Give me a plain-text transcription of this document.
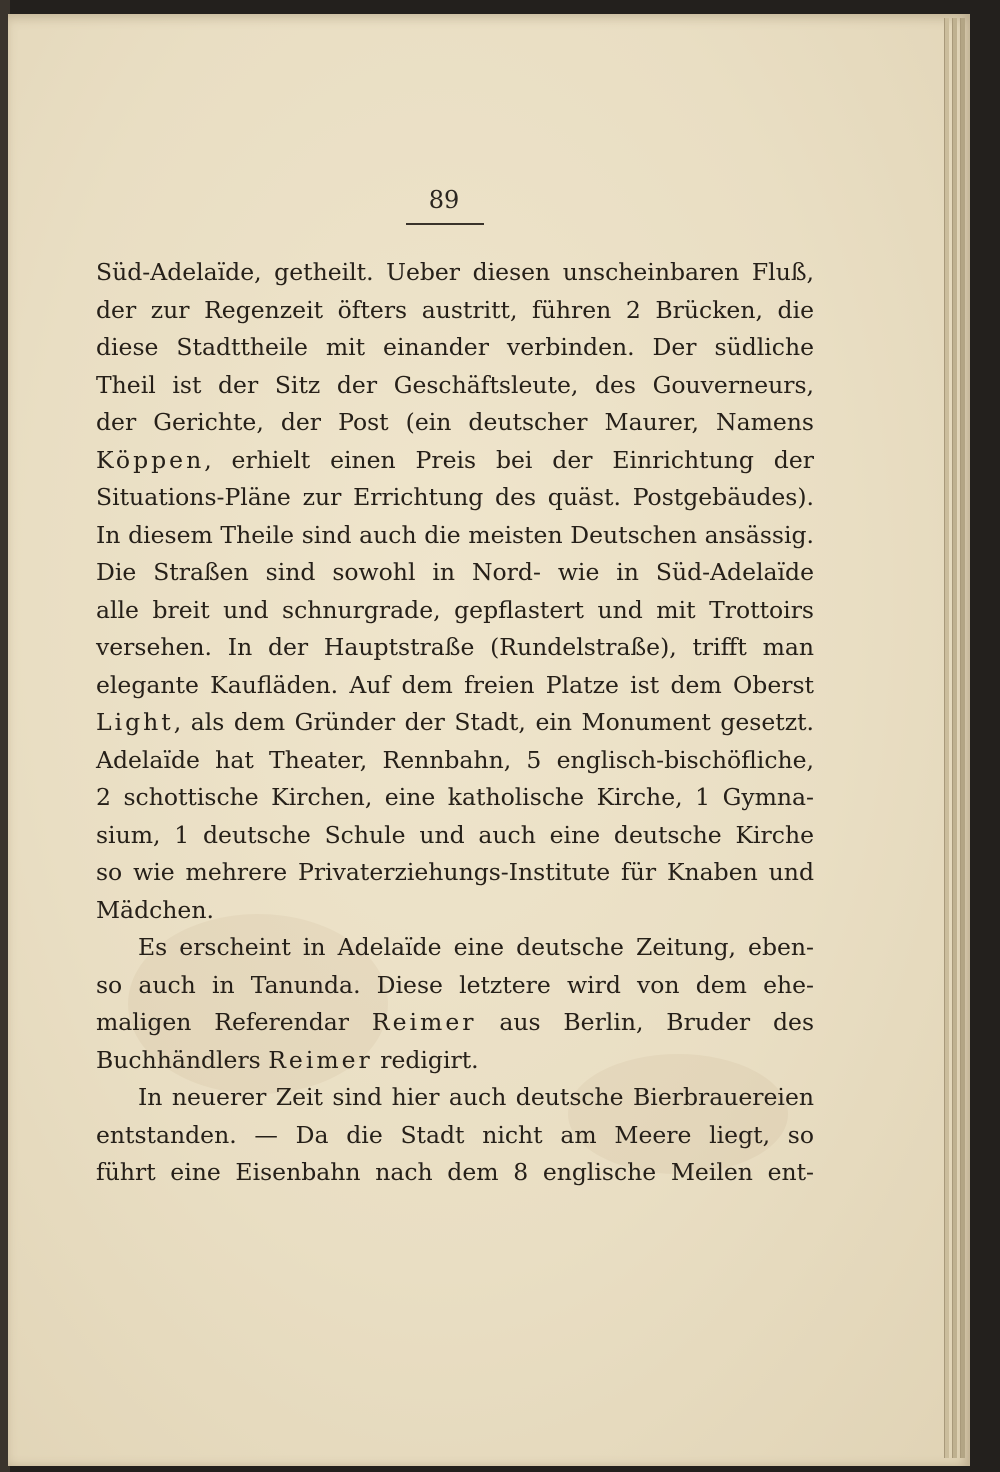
89
Süd-Adelaïde, getheilt. Ueber diesen unscheinbaren Fluß,
der zur Regenzeit öfters austritt, führen 2 Brücken, die
diese Stadttheile mit einander verbinden. Der südliche
Theil ist der Sitz der Geschäftsleute, des Gouverneurs,
der Gerichte, der Post (ein deutscher Maurer, Namens
Köppen, erhielt einen Preis bei der Einrichtung der
Situations-Pläne zur Errichtung des quäst. Postgebäudes).
In diesem Theile sind auch die meisten Deutschen ansässig.
Die Straßen sind sowohl in Nord- wie in Süd-Adelaïde
alle breit und schnurgrade, gepflastert und mit Trottoirs
versehen. In der Hauptstraße (Rundelstraße), trifft man
elegante Kaufläden. Auf dem freien Platze ist dem Oberst
Light, als dem Gründer der Stadt, ein Monument gesetzt.
Adelaïde hat Theater, Rennbahn, 5 englisch-bischöfliche,
2 schottische Kirchen, eine katholische Kirche, 1 Gymna-
sium, 1 deutsche Schule und auch eine deutsche Kirche
so wie mehrere Privaterziehungs-Institute für Knaben und
Mädchen.
Es erscheint in Adelaïde eine deutsche Zeitung, eben-
so auch in Tanunda. Diese letztere wird von dem ehe-
maligen Referendar Reimer aus Berlin, Bruder des
Buchhändlers Reimer redigirt.
In neuerer Zeit sind hier auch deutsche Bierbrauereien
entstanden. — Da die Stadt nicht am Meere liegt, so
führt eine Eisenbahn nach dem 8 englische Meilen ent-
